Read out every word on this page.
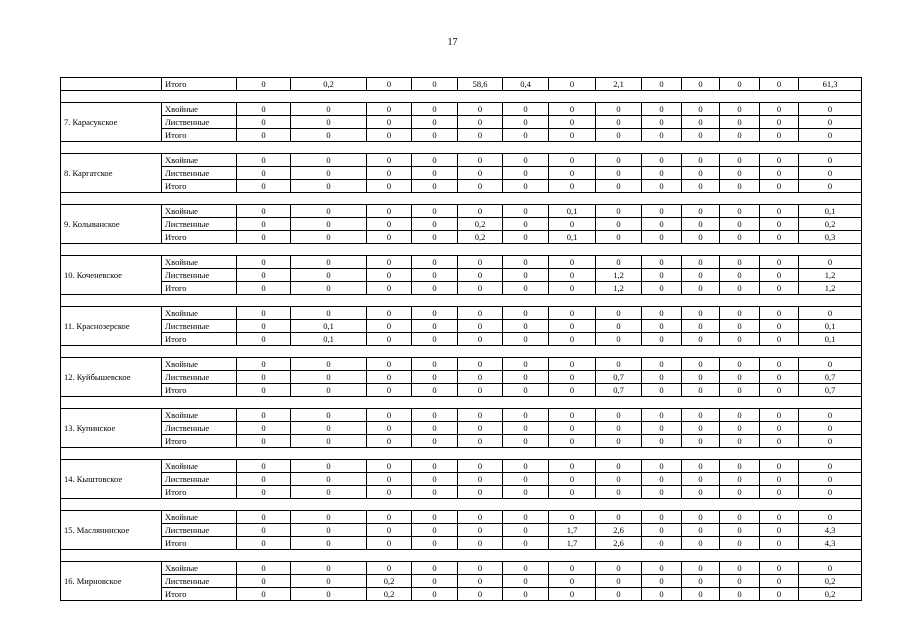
17
	Итого	0	0,2	0	0	58,6	0,4	0	2,1	0	0	0	0	61,3

7. Карасукское	Хвойные	0	0	0	0	0	0	0	0	0	0	0	0	0
	Лиственные	0	0	0	0	0	0	0	0	0	0	0	0	0
	Итого	0	0	0	0	0	0	0	0	0	0	0	0	0

8. Каргатское	Хвойные	0	0	0	0	0	0	0	0	0	0	0	0	0
	Лиственные	0	0	0	0	0	0	0	0	0	0	0	0	0
	Итого	0	0	0	0	0	0	0	0	0	0	0	0	0

9. Колыванское	Хвойные	0	0	0	0	0	0	0,1	0	0	0	0	0	0,1
	Лиственные	0	0	0	0	0,2	0	0	0	0	0	0	0	0,2
	Итого	0	0	0	0	0,2	0	0,1	0	0	0	0	0	0,3

10. Коченевское	Хвойные	0	0	0	0	0	0	0	0	0	0	0	0	0
	Лиственные	0	0	0	0	0	0	0	1,2	0	0	0	0	1,2
	Итого	0	0	0	0	0	0	0	1,2	0	0	0	0	1,2

11. Краснозерское	Хвойные	0	0	0	0	0	0	0	0	0	0	0	0	0
	Лиственные	0	0,1	0	0	0	0	0	0	0	0	0	0	0,1
	Итого	0	0,1	0	0	0	0	0	0	0	0	0	0	0,1

12. Куйбышевское	Хвойные	0	0	0	0	0	0	0	0	0	0	0	0	0
	Лиственные	0	0	0	0	0	0	0	0,7	0	0	0	0	0,7
	Итого	0	0	0	0	0	0	0	0,7	0	0	0	0	0,7

13. Купинское	Хвойные	0	0	0	0	0	0	0	0	0	0	0	0	0
	Лиственные	0	0	0	0	0	0	0	0	0	0	0	0	0
	Итого	0	0	0	0	0	0	0	0	0	0	0	0	0

14. Кыштовское	Хвойные	0	0	0	0	0	0	0	0	0	0	0	0	0
	Лиственные	0	0	0	0	0	0	0	0	0	0	0	0	0
	Итого	0	0	0	0	0	0	0	0	0	0	0	0	0

15. Маслянинское	Хвойные	0	0	0	0	0	0	0	0	0	0	0	0	0
	Лиственные	0	0	0	0	0	0	1,7	2,6	0	0	0	0	4,3
	Итого	0	0	0	0	0	0	1,7	2,6	0	0	0	0	4,3

16. Мирновское	Хвойные	0	0	0	0	0	0	0	0	0	0	0	0	0
	Лиственные	0	0	0,2	0	0	0	0	0	0	0	0	0	0,2
	Итого	0	0	0,2	0	0	0	0	0	0	0	0	0	0,2
